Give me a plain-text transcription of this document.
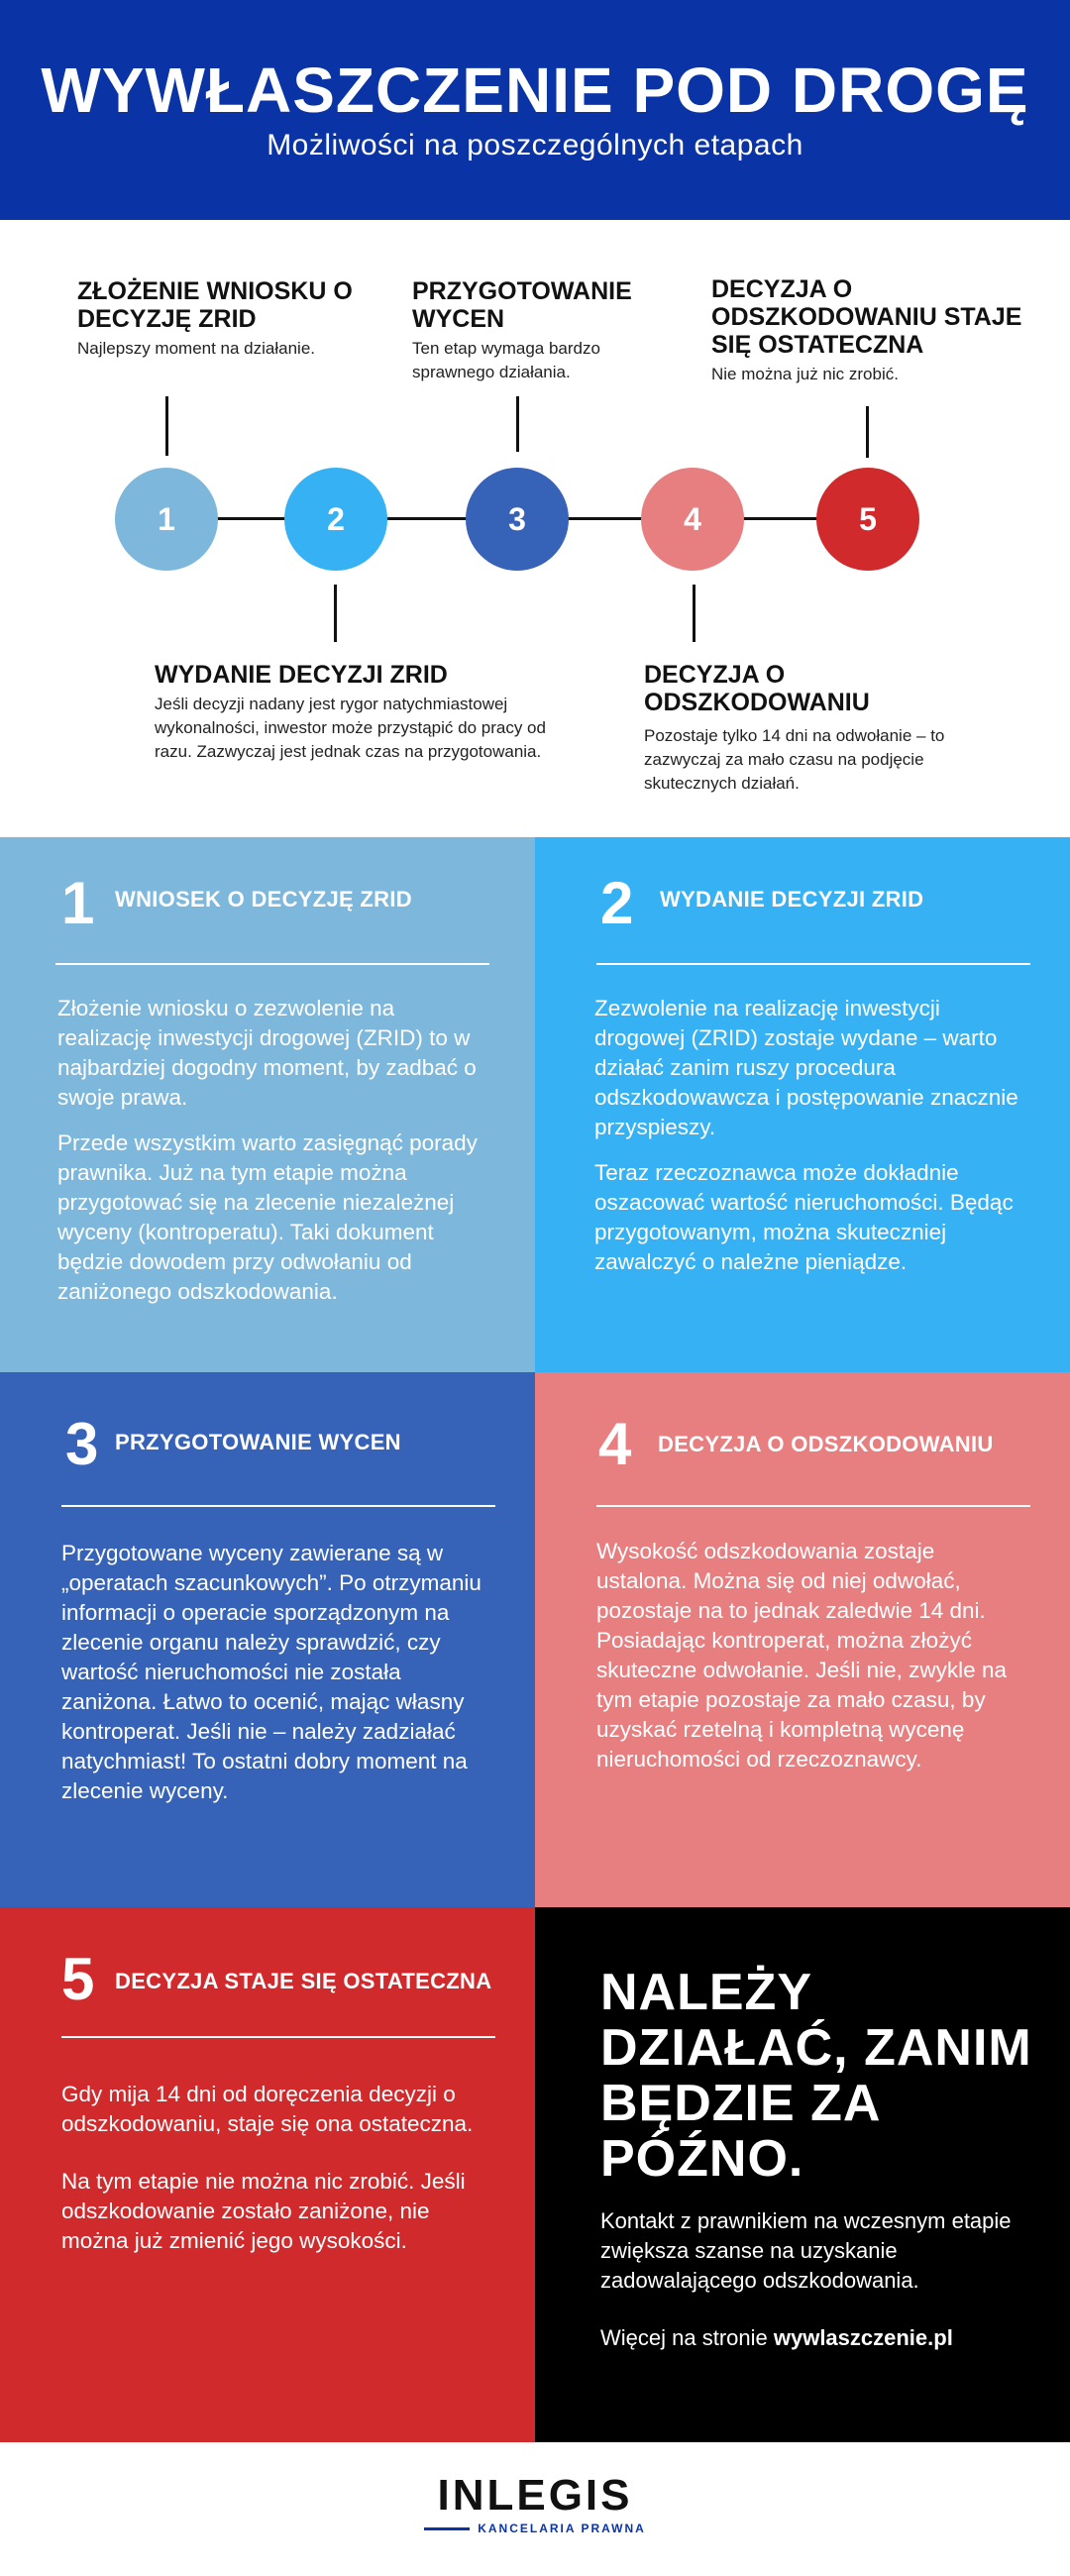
WYWŁASZCZENIE POD DROGĘ
Możliwości na poszczególnych etapach
ZŁOŻENIE WNIOSKU O DECYZJĘ ZRID
Najlepszy moment na działanie.
PRZYGOTOWANIE WYCEN
Ten etap wymaga bardzo sprawnego działania.
DECYZJA O ODSZKODOWANIU STAJE SIĘ OSTATECZNA
Nie można już nic zrobić.
1	2	3	4	5
WYDANIE DECYZJI ZRID
Jeśli decyzji nadany jest rygor natychmiastowej wykonalności, inwestor może przystąpić do pracy od razu. Zazwyczaj jest jednak czas na przygotowania.
DECYZJA O ODSZKODOWANIU
Pozostaje tylko 14 dni na odwołanie – to zazwyczaj za mało czasu na podjęcie skutecznych działań.
1 WNIOSEK O DECYZJĘ ZRID

Złożenie wniosku o zezwolenie na realizację inwestycji drogowej (ZRID) to w najbardziej dogodny moment, by zadbać o swoje prawa.

Przede wszystkim warto zasięgnąć porady prawnika. Już na tym etapie można przygotować się na zlecenie niezależnej wyceny (kontroperatu). Taki dokument będzie dowodem przy odwołaniu od zaniżonego odszkodowania.

2 WYDANIE DECYZJI ZRID

Zezwolenie na realizację inwestycji drogowej (ZRID) zostaje wydane – warto działać zanim ruszy procedura odszkodowawcza i postępowanie znacznie przyspieszy.

Teraz rzeczoznawca może dokładnie oszacować wartość nieruchomości. Będąc przygotowanym, można skuteczniej zawalczyć o należne pieniądze.

3 PRZYGOTOWANIE WYCEN

Przygotowane wyceny zawierane są w „operatach szacunkowych”. Po otrzymaniu informacji o operacie sporządzonym na zlecenie organu należy sprawdzić, czy wartość nieruchomości nie została zaniżona. Łatwo to ocenić, mając własny kontroperat. Jeśli nie – należy zadziałać natychmiast! To ostatni dobry moment na zlecenie wyceny.

4 DECYZJA O ODSZKODOWANIU

Wysokość odszkodowania zostaje ustalona. Można się od niej odwołać, pozostaje na to jednak zaledwie 14 dni. Posiadając kontroperat, można złożyć skuteczne odwołanie. Jeśli nie, zwykle na tym etapie pozostaje za mało czasu, by uzyskać rzetelną i kompletną wycenę nieruchomości od rzeczoznawcy.

5 DECYZJA STAJE SIĘ OSTATECZNA

Gdy mija 14 dni od doręczenia decyzji o odszkodowaniu, staje się ona ostateczna.

Na tym etapie nie można nic zrobić. Jeśli odszkodowanie zostało zaniżone, nie można już zmienić jego wysokości.

NALEŻY DZIAŁAĆ, ZANIM BĘDZIE ZA PÓŹNO.
Kontakt z prawnikiem na wczesnym etapie zwiększa szanse na uzyskanie zadowalającego odszkodowania.
Więcej na stronie wywlaszczenie.pl
INLEGIS
KANCELARIA PRAWNA
